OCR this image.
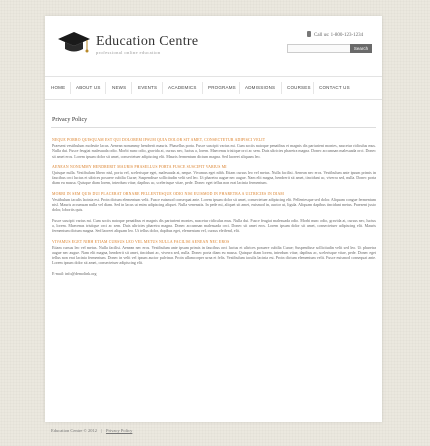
Education Centre
professional online education
Call us: 1-800-123-1234
Search
HOME ABOUT US	NEWS	EVENTS ACADEMICS	PROGRAMS ADMISSIONS	COURSES CONTACT US
Privacy Policy
NEQUE PORRO QUISQUAM EST QUI DOLOREM IPSUM QUIA DOLOR SIT AMET, CONSECTETUR ADIPISCI VELIT

Praesent vestibulum molestie lacus. Aenean nonummy hendrerit mauris. Phasellus porta. Fusce suscipit varius mi. Cum sociis natoque penatibus et magnis dis parturient montes, nascetur ridiculus mus. Nulla dui. Fusce feugiat malesuada odio. Morbi nunc odio, gravida at, cursus nec, luctus a, lorem. Maecenas tristique orci ac sem. Duis ultricies pharetra magna. Donec accumsan malesuada orci. Donec sit amet eros. Lorem ipsum dolor sit amet, consectetuer adipiscing elit. Mauris fermentum dictum magna. Sed laoreet aliquam leo.

AENEAN NONUMMY HENDRERIT MAURIS PHASELLUS PORTA FUSCE SUSCIPIT VARIUS MI

Quisque nulla. Vestibulum libero nisl, porta vel, scelerisque eget, malesuada at, neque. Vivamus eget nibh. Etiam cursus leo vel metus. Nulla facilisi. Aenean nec eros. Vestibulum ante ipsum primis in faucibus orci luctus et ultrices posuere cubilia Curae; Suspendisse sollicitudin velit sed leo. Ut pharetra augue nec augue. Nam elit magna, hendrerit sit amet, tincidunt ac, viverra sed, nulla. Donec porta diam eu massa. Quisque diam lorem, interdum vitae, dapibus ac, scelerisque vitae, pede. Donec eget tellus non erat lacinia fermentum.

MORBI IN SEM QUIS DUI PLACERAT ORNARE PELLENTESQUE ODIO NISI EUISMOD IN PHARETRA A ULTRICIES IN DIAM

Vestibulum iaculis lacinia est. Proin dictum elementum velit. Fusce euismod consequat ante. Lorem ipsum dolor sit amet, consectetuer adipiscing elit. Pellentesque sed dolor. Aliquam congue fermentum nisl. Mauris accumsan nulla vel diam. Sed in lacus ut enim adipiscing aliquet. Nulla venenatis. In pede mi, aliquet sit amet, euismod in, auctor ut, ligula. Aliquam dapibus tincidunt metus. Praesent justo dolor, lobortis quis.

Fusce suscipit varius mi. Cum sociis natoque penatibus et magnis dis parturient montes, nascetur ridiculus mus. Nulla dui. Fusce feugiat malesuada odio. Morbi nunc odio, gravida at, cursus nec, luctus a, lorem. Maecenas tristique orci ac sem. Duis ultricies pharetra magna. Donec accumsan malesuada orci. Donec sit amet eros. Lorem ipsum dolor sit amet, consectetuer adipiscing elit. Mauris fermentum dictum magna. Sed laoreet aliquam leo. Ut tellus dolor, dapibus eget, elementum vel, cursus eleifend, elit.

VIVAMUS EGET NIBH ETIAM CURSUS LEO VEL METUS NULLA FACILISI AENEAN NEC EROS

Etiam cursus leo vel metus. Nulla facilisi. Aenean nec eros. Vestibulum ante ipsum primis in faucibus orci luctus et ultrices posuere cubilia Curae; Suspendisse sollicitudin velit sed leo. Ut pharetra augue nec augue. Nam elit magna, hendrerit sit amet, tincidunt ac, viverra sed, nulla. Donec porta diam eu massa. Quisque diam lorem, interdum vitae, dapibus ac, scelerisque vitae, pede. Donec eget tellus non erat lacinia fermentum. Donec in velit vel ipsum auctor pulvinar. Proin ullamcorper urna et felis. Vestibulum iaculis lacinia est. Proin dictum elementum velit. Fusce euismod consequat ante. Lorem ipsum dolor sit amet, consectetuer adipiscing elit.

E-mail: info@demolink.org
Education Centre © 2012 | Privacy Policy
